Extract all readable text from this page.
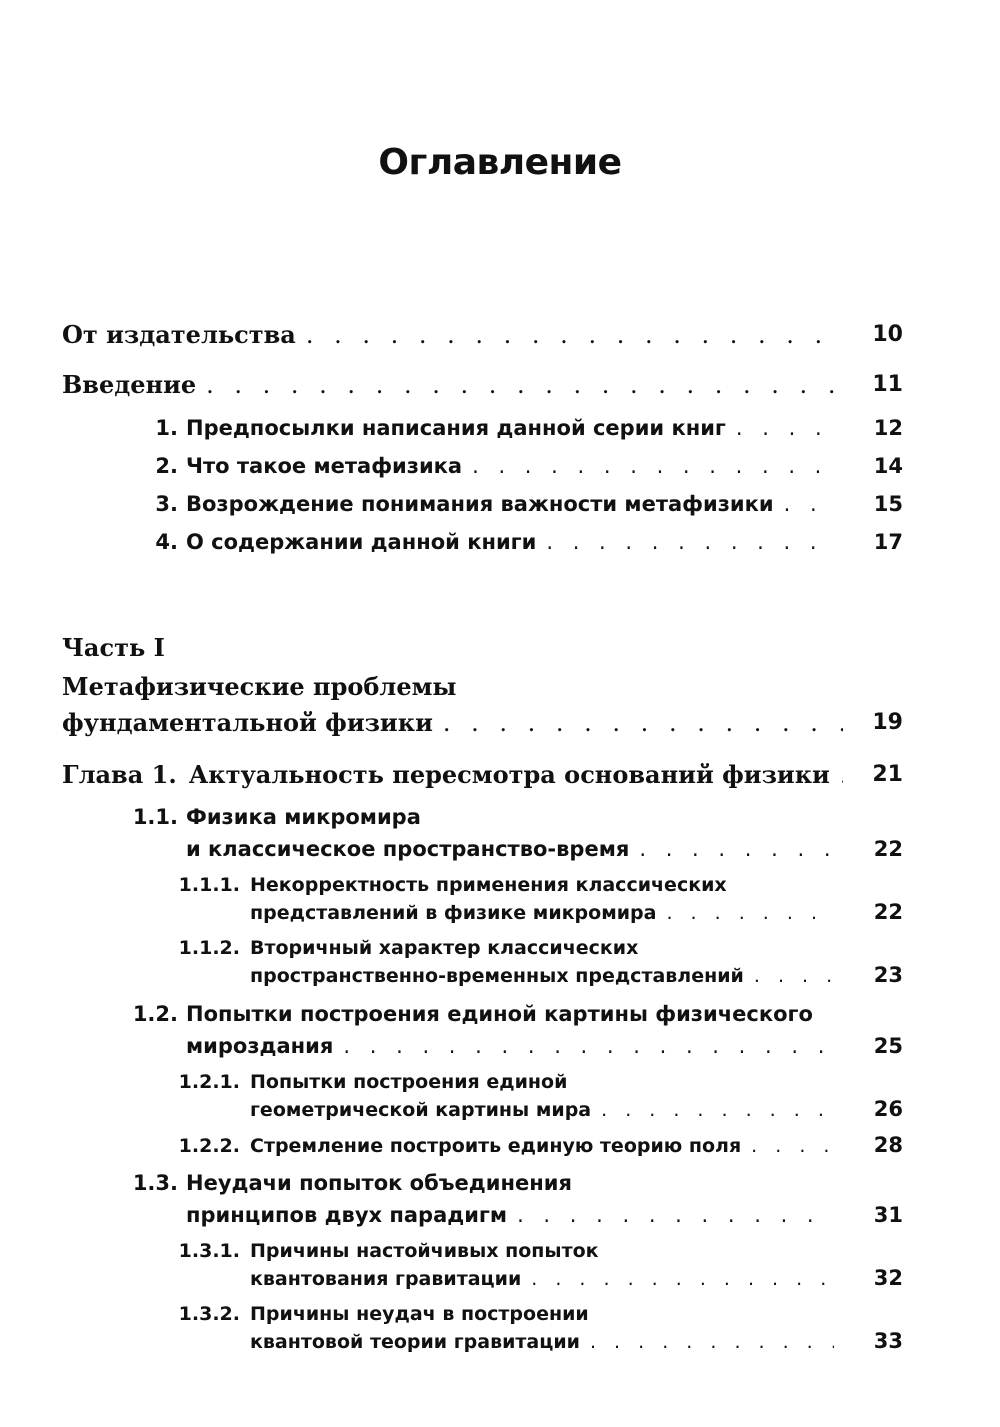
Оглавление
От издательства . . .	10
Введение . . .	11
1. Предпосылки написания данной серии книг . . .	12
2. Что такое метафизика . . .	14
3. Возрождение понимания важности метафизики . . .	15
4. О содержании данной книги . . .	17
Часть I
Метафизические проблемы
фундаментальной физики . . .	19
Глава 1. Актуальность пересмотра оснований физики . . .	21
1.1. Физика микромира
и классическое пространство-время . . .	22
1.1.1. Некорректность применения классических
представлений в физике микромира . . .	22
1.1.2. Вторичный характер классических
пространственно-временных представлений . . .	23
1.2. Попытки построения единой картины физического
мироздания . . .	25
1.2.1. Попытки построения единой
геометрической картины мира . . .	26
1.2.2. Стремление построить единую теорию поля . . .	28
1.3. Неудачи попыток объединения
принципов двух парадигм . . .	31
1.3.1. Причины настойчивых попыток
квантования гравитации . . .	32
1.3.2. Причины неудач в построении
квантовой теории гравитации . . .	33
